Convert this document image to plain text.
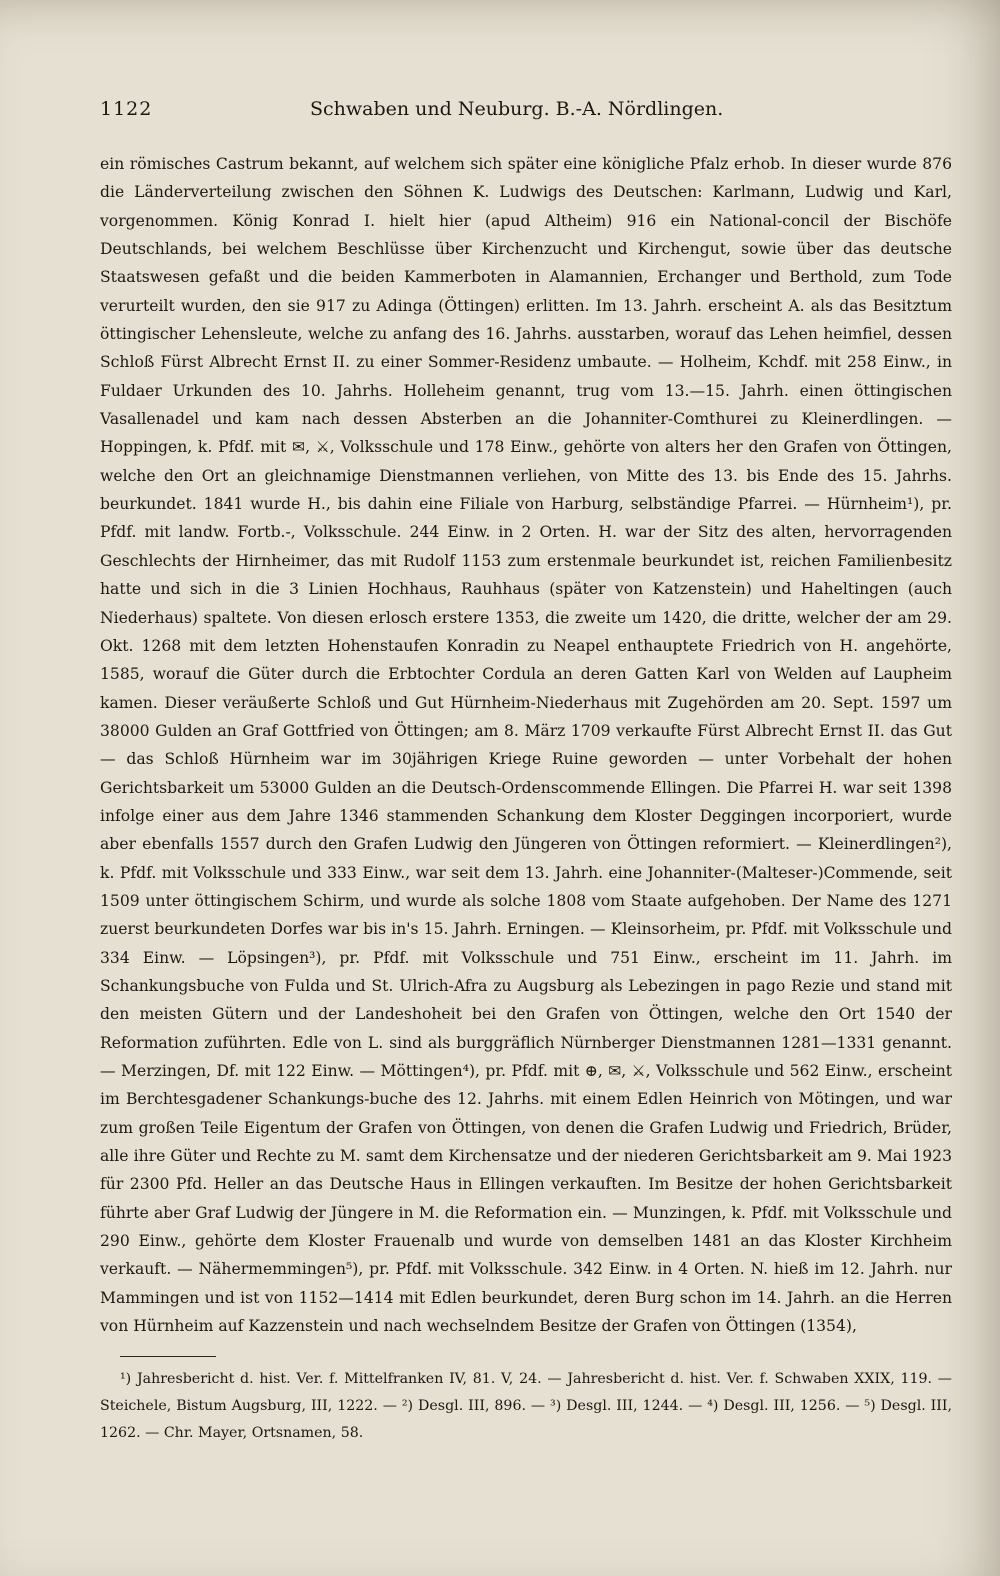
1122	Schwaben und Neuburg. B.-A. Nördlingen.

ein römisches Castrum bekannt, auf welchem sich später eine königliche Pfalz erhob. In dieser wurde 876 die Länderverteilung zwischen den Söhnen K. Ludwigs des Deutschen: Karlmann, Ludwig und Karl, vorgenommen. König Konrad I. hielt hier (apud Altheim) 916 ein National-concil der Bischöfe Deutschlands, bei welchem Beschlüsse über Kirchenzucht und Kirchengut, sowie über das deutsche Staatswesen gefaßt und die beiden Kammerboten in Alamannien, Erchanger und Berthold, zum Tode verurteilt wurden, den sie 917 zu Adinga (Öttingen) erlitten. Im 13. Jahrh. erscheint A. als das Besitztum öttingischer Lehensleute, welche zu anfang des 16. Jahrhs. ausstarben, worauf das Lehen heimfiel, dessen Schloß Fürst Albrecht Ernst II. zu einer Sommer-Residenz umbaute. — Holheim, Kchdf. mit 258 Einw., in Fuldaer Urkunden des 10. Jahrhs. Holleheim genannt, trug vom 13.—15. Jahrh. einen öttingischen Vasallenadel und kam nach dessen Absterben an die Johanniter-Comthurei zu Kleinerdlingen. — Hoppingen, k. Pfdf. mit ✉, ⚔, Volksschule und 178 Einw., gehörte von alters her den Grafen von Öttingen, welche den Ort an gleichnamige Dienstmannen verliehen, von Mitte des 13. bis Ende des 15. Jahrhs. beurkundet. 1841 wurde H., bis dahin eine Filiale von Harburg, selbständige Pfarrei. — Hürnheim¹), pr. Pfdf. mit landw. Fortb.-, Volksschule. 244 Einw. in 2 Orten. H. war der Sitz des alten, hervorragenden Geschlechts der Hirnheimer, das mit Rudolf 1153 zum erstenmale beurkundet ist, reichen Familienbesitz hatte und sich in die 3 Linien Hochhaus, Rauhhaus (später von Katzenstein) und Haheltingen (auch Niederhaus) spaltete. Von diesen erlosch erstere 1353, die zweite um 1420, die dritte, welcher der am 29. Okt. 1268 mit dem letzten Hohenstaufen Konradin zu Neapel enthauptete Friedrich von H. angehörte, 1585, worauf die Güter durch die Erbtochter Cordula an deren Gatten Karl von Welden auf Laupheim kamen. Dieser veräußerte Schloß und Gut Hürnheim-Niederhaus mit Zugehörden am 20. Sept. 1597 um 38000 Gulden an Graf Gottfried von Öttingen; am 8. März 1709 verkaufte Fürst Albrecht Ernst II. das Gut — das Schloß Hürnheim war im 30jährigen Kriege Ruine geworden — unter Vorbehalt der hohen Gerichtsbarkeit um 53000 Gulden an die Deutsch-Ordenscommende Ellingen. Die Pfarrei H. war seit 1398 infolge einer aus dem Jahre 1346 stammenden Schankung dem Kloster Deggingen incorporiert, wurde aber ebenfalls 1557 durch den Grafen Ludwig den Jüngeren von Öttingen reformiert. — Kleinerdlingen²), k. Pfdf. mit Volksschule und 333 Einw., war seit dem 13. Jahrh. eine Johanniter-(Malteser-)Commende, seit 1509 unter öttingischem Schirm, und wurde als solche 1808 vom Staate aufgehoben. Der Name des 1271 zuerst beurkundeten Dorfes war bis in's 15. Jahrh. Erningen. — Kleinsorheim, pr. Pfdf. mit Volksschule und 334 Einw. — Löpsingen³), pr. Pfdf. mit Volksschule und 751 Einw., erscheint im 11. Jahrh. im Schankungsbuche von Fulda und St. Ulrich-Afra zu Augsburg als Lebezingen in pago Rezie und stand mit den meisten Gütern und der Landeshoheit bei den Grafen von Öttingen, welche den Ort 1540 der Reformation zuführten. Edle von L. sind als burggräflich Nürnberger Dienstmannen 1281—1331 genannt. — Merzingen, Df. mit 122 Einw. — Möttingen⁴), pr. Pfdf. mit ⊕, ✉, ⚔, Volksschule und 562 Einw., erscheint im Berchtesgadener Schankungs-buche des 12. Jahrhs. mit einem Edlen Heinrich von Mötingen, und war zum großen Teile Eigentum der Grafen von Öttingen, von denen die Grafen Ludwig und Friedrich, Brüder, alle ihre Güter und Rechte zu M. samt dem Kirchensatze und der niederen Gerichtsbarkeit am 9. Mai 1923 für 2300 Pfd. Heller an das Deutsche Haus in Ellingen verkauften. Im Besitze der hohen Gerichtsbarkeit führte aber Graf Ludwig der Jüngere in M. die Reformation ein. — Munzingen, k. Pfdf. mit Volksschule und 290 Einw., gehörte dem Kloster Frauenalb und wurde von demselben 1481 an das Kloster Kirchheim verkauft. — Nähermemmingen⁵), pr. Pfdf. mit Volksschule. 342 Einw. in 4 Orten. N. hieß im 12. Jahrh. nur Mammingen und ist von 1152—1414 mit Edlen beurkundet, deren Burg schon im 14. Jahrh. an die Herren von Hürnheim auf Kazzenstein und nach wechselndem Besitze der Grafen von Öttingen (1354),

¹) Jahresbericht d. hist. Ver. f. Mittelfranken IV, 81. V, 24. — Jahresbericht d. hist. Ver. f. Schwaben XXIX, 119. — Steichele, Bistum Augsburg, III, 1222. — ²) Desgl. III, 896. — ³) Desgl. III, 1244. — ⁴) Desgl. III, 1256. — ⁵) Desgl. III, 1262. — Chr. Mayer, Ortsnamen, 58.
